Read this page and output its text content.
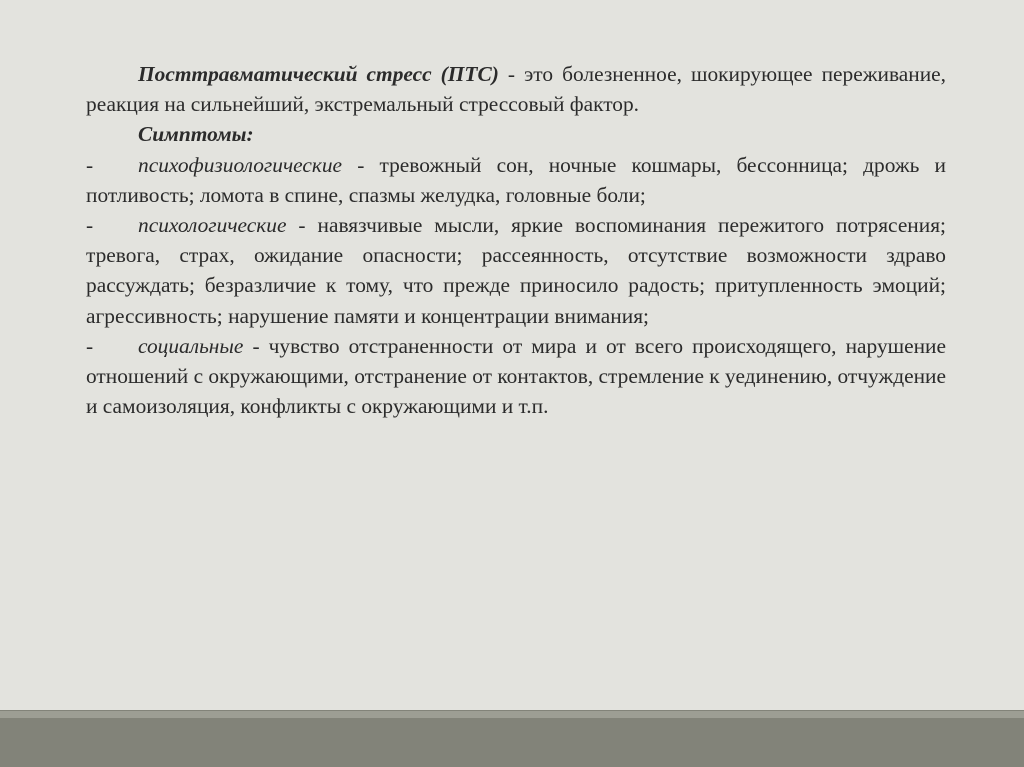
Посттравматический стресс (ПТС) - это болезненное, шокирующее переживание, реакция на сильнейший, экстремальный стрессовый фактор.

Симптомы:

- психофизиологические - тревожный сон, ночные кошмары, бессонница; дрожь и потливость; ломота в спине, спазмы желудка, головные боли;

- психологические - навязчивые мысли, яркие воспоминания пережитого потрясения; тревога, страх, ожидание опасности; рассеянность, отсутствие возможности здраво рассуждать; безразличие к тому, что прежде приносило радость; притупленность эмоций; агрессивность; нарушение памяти и концентрации внимания;

- социальные - чувство отстраненности от мира и от всего происходящего, нарушение отношений с окружающими, отстранение от контактов, стремление к уединению, отчуждение и самоизоляция, конфликты с окружающими и т.п.
